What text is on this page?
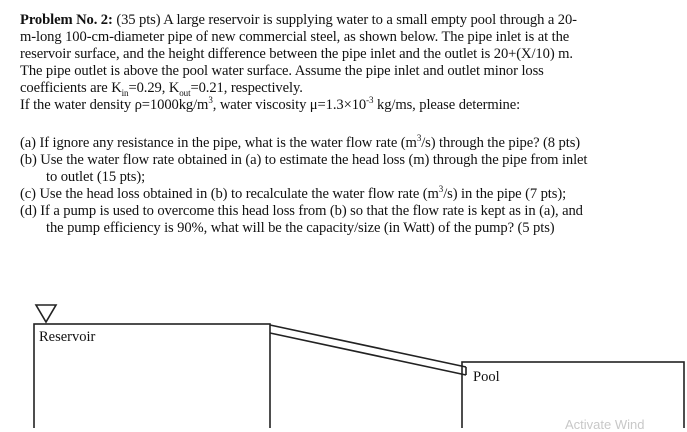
Problem No. 2: (35 pts) A large reservoir is supplying water to a small empty pool through a 20-
m-long 100-cm-diameter pipe of new commercial steel, as shown below. The pipe inlet is at the
reservoir surface, and the height difference between the pipe inlet and the outlet is 20+(X/10) m.
The pipe outlet is above the pool water surface. Assume the pipe inlet and outlet minor loss
coefficients are $K_{in}=0.29$, $K_{out}=0.21$, respectively.
If the water density $\rho=1000kg/m^3$, water viscosity $\mu=1.3\times 10^{-3}$ kg/ms, please determine:
(a) If ignore any resistance in the pipe, what is the water flow rate $(m^3/s)$ through the pipe? (8 pts)
(b) Use the water flow rate obtained in (a) to estimate the head loss (m) through the pipe from inlet
to outlet (15 pts);
(c) Use the head loss obtained in (b) to recalculate the water flow rate $(m^3/s)$ in the pipe (7 pts);
(d) If a pump is used to overcome this head loss from (b) so that the flow rate is kept as in (a), and
the pump efficiency is 90%, what will be the capacity/size (in Watt) of the pump? (5 pts)
Reservoir
Pool
Activate Wind
